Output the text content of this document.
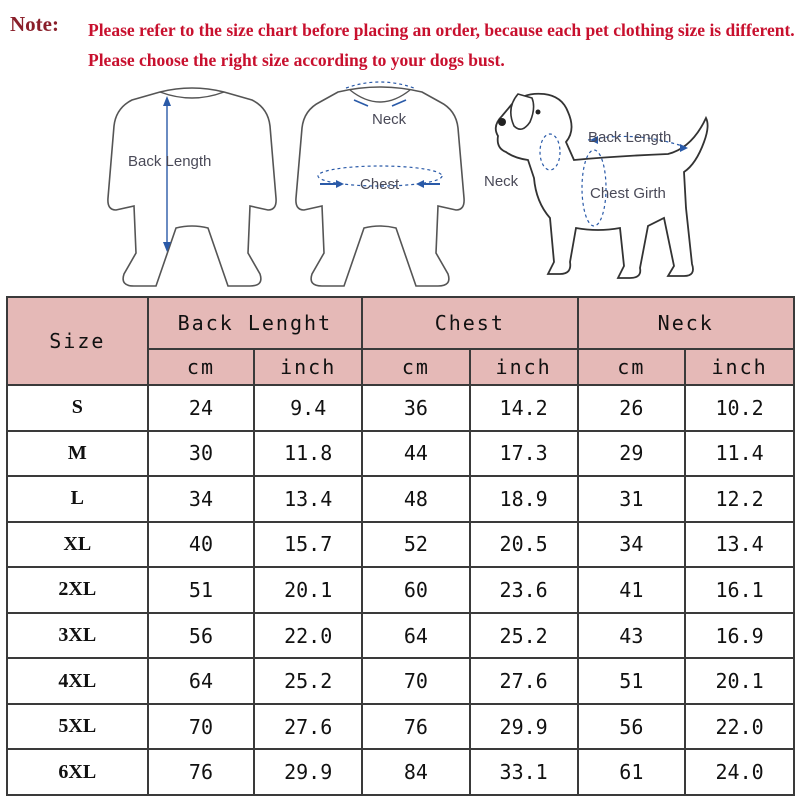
Note: Please refer to the size chart before placing an order, because each pet clothing size is different. Please choose the right size according to your dogs bust.
Back Length
Neck
Chest
Back Length
Neck
Chest Girth
Size	Back Lenght		Chest		Neck	
	cm	inch	cm	inch	cm	inch
S	24	9.4	36	14.2	26	10.2
M	30	11.8	44	17.3	29	11.4
L	34	13.4	48	18.9	31	12.2
XL	40	15.7	52	20.5	34	13.4
2XL	51	20.1	60	23.6	41	16.1
3XL	56	22.0	64	25.2	43	16.9
4XL	64	25.2	70	27.6	51	20.1
5XL	70	27.6	76	29.9	56	22.0
6XL	76	29.9	84	33.1	61	24.0
